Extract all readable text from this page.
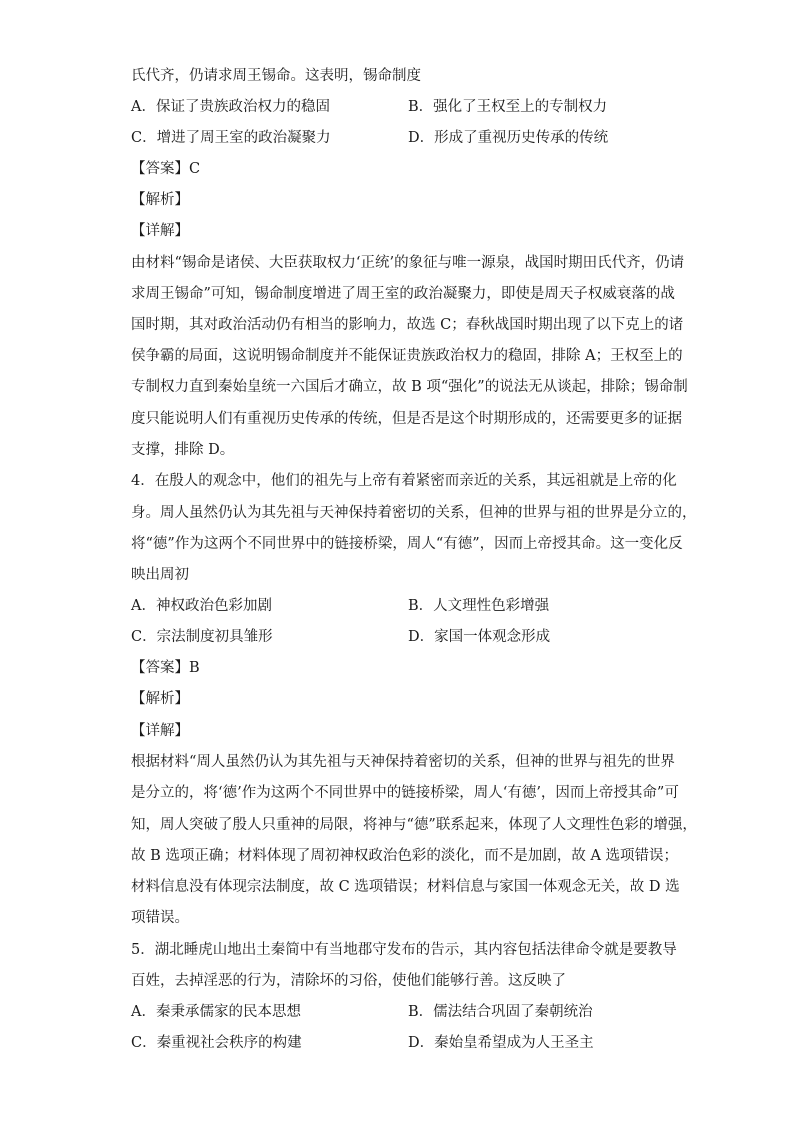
氏代齐，仍请求周王锡命。这表明，锡命制度
A．保证了贵族政治权力的稳固	B．强化了王权至上的专制权力
C．增进了周王室的政治凝聚力	D．形成了重视历史传承的传统
【答案】C
【解析】
【详解】
由材料“锡命是诸侯、大臣获取权力‘正统’的象征与唯一源泉，战国时期田氏代齐，仍请
求周王锡命”可知，锡命制度增进了周王室的政治凝聚力，即使是周天子权威衰落的战
国时期，其对政治活动仍有相当的影响力，故选 C；春秋战国时期出现了以下克上的诸
侯争霸的局面，这说明锡命制度并不能保证贵族政治权力的稳固，排除 A；王权至上的
专制权力直到秦始皇统一六国后才确立，故 B 项“强化”的说法无从谈起，排除；锡命制
度只能说明人们有重视历史传承的传统，但是否是这个时期形成的，还需要更多的证据
支撑，排除 D。
4．在殷人的观念中，他们的祖先与上帝有着紧密而亲近的关系，其远祖就是上帝的化
身。周人虽然仍认为其先祖与天神保持着密切的关系，但神的世界与祖的世界是分立的，
将“德”作为这两个不同世界中的链接桥梁，周人“有德”，因而上帝授其命。这一变化反
映出周初
A．神权政治色彩加剧	B．人文理性色彩增强
C．宗法制度初具雏形	D．家国一体观念形成
【答案】B
【解析】
【详解】
根据材料“周人虽然仍认为其先祖与天神保持着密切的关系，但神的世界与祖先的世界
是分立的，将‘德’作为这两个不同世界中的链接桥梁，周人‘有德’，因而上帝授其命”可
知，周人突破了殷人只重神的局限，将神与“德”联系起来，体现了人文理性色彩的增强，
故 B 选项正确；材料体现了周初神权政治色彩的淡化，而不是加剧，故 A 选项错误；
材料信息没有体现宗法制度，故 C 选项错误；材料信息与家国一体观念无关，故 D 选
项错误。
5．湖北睡虎山地出土秦简中有当地郡守发布的告示，其内容包括法律命令就是要教导
百姓，去掉淫恶的行为，清除坏的习俗，使他们能够行善。这反映了
A．秦秉承儒家的民本思想	B．儒法结合巩固了秦朝统治
C．秦重视社会秩序的构建	D．秦始皇希望成为人王圣主
